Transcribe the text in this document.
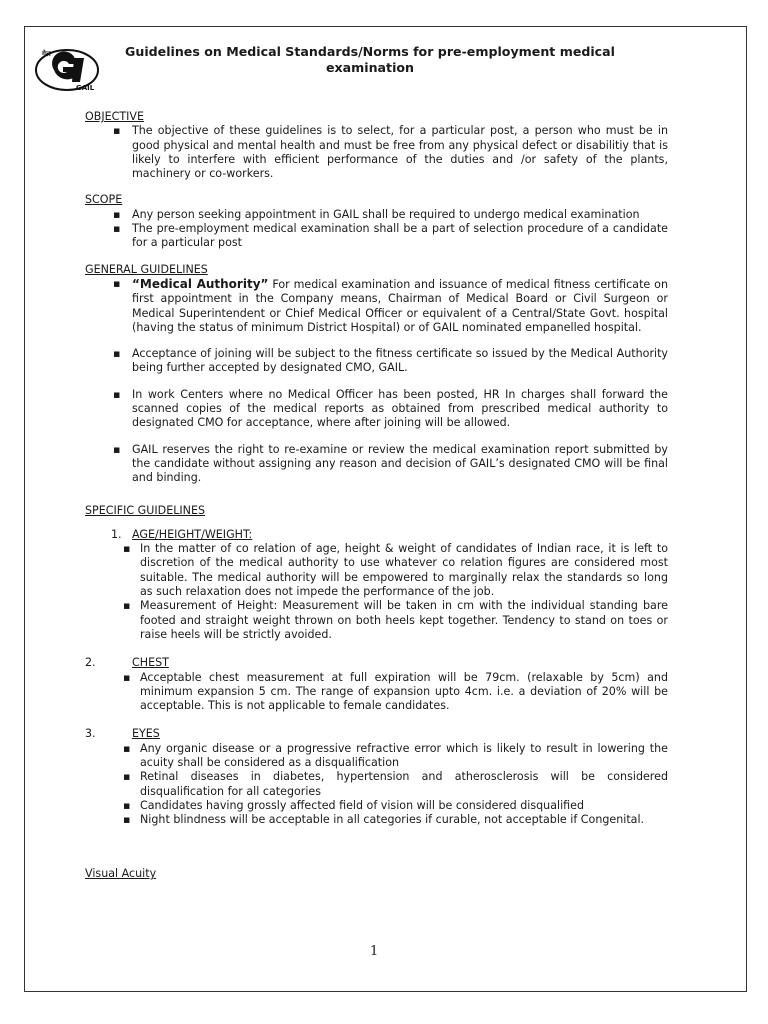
गेल
GAIL
Guidelines on Medical Standards/Norms for pre-employment medical examination
OBJECTIVE
▪ The objective of these guidelines is to select, for a particular post, a person who must be in good physical and mental health and must be free from any physical defect or disabilitiy that is likely to interfere with efficient performance of the duties and /or safety of the plants, machinery or co-workers.
SCOPE
▪ Any person seeking appointment in GAIL shall be required to undergo medical examination
▪ The pre-employment medical examination shall be a part of selection procedure of a candidate for a particular post
GENERAL GUIDELINES
▪ “Medical Authority” For medical examination and issuance of medical fitness certificate on first appointment in the Company means, Chairman of Medical Board or Civil Surgeon or Medical Superintendent or Chief Medical Officer or equivalent of a Central/State Govt. hospital (having the status of minimum District Hospital) or of GAIL nominated empanelled hospital.
▪ Acceptance of joining will be subject to the fitness certificate so issued by the Medical Authority being further accepted by designated CMO, GAIL.
▪ In work Centers where no Medical Officer has been posted, HR In charges shall forward the scanned copies of the medical reports as obtained from prescribed medical authority to designated CMO for acceptance, where after joining will be allowed.
▪ GAIL reserves the right to re-examine or review the medical examination report submitted by the candidate without assigning any reason and decision of GAIL’s designated CMO will be final and binding.
SPECIFIC GUIDELINES
1. AGE/HEIGHT/WEIGHT:
▪ In the matter of co relation of age, height & weight of candidates of Indian race, it is left to discretion of the medical authority to use whatever co relation figures are considered most suitable. The medical authority will be empowered to marginally relax the standards so long as such relaxation does not impede the performance of the job.
▪ Measurement of Height: Measurement will be taken in cm with the individual standing bare footed and straight weight thrown on both heels kept together. Tendency to stand on toes or raise heels will be strictly avoided.
2.	CHEST
▪ Acceptable chest measurement at full expiration will be 79cm. (relaxable by 5cm) and minimum expansion 5 cm. The range of expansion upto 4cm. i.e. a deviation of 20% will be acceptable. This is not applicable to female candidates.
3.	EYES
▪ Any organic disease or a progressive refractive error which is likely to result in lowering the acuity shall be considered as a disqualification
▪ Retinal diseases in diabetes, hypertension and atherosclerosis will be considered disqualification for all categories
▪ Candidates having grossly affected field of vision will be considered disqualified
▪ Night blindness will be acceptable in all categories if curable, not acceptable if Congenital.
Visual Acuity
1
